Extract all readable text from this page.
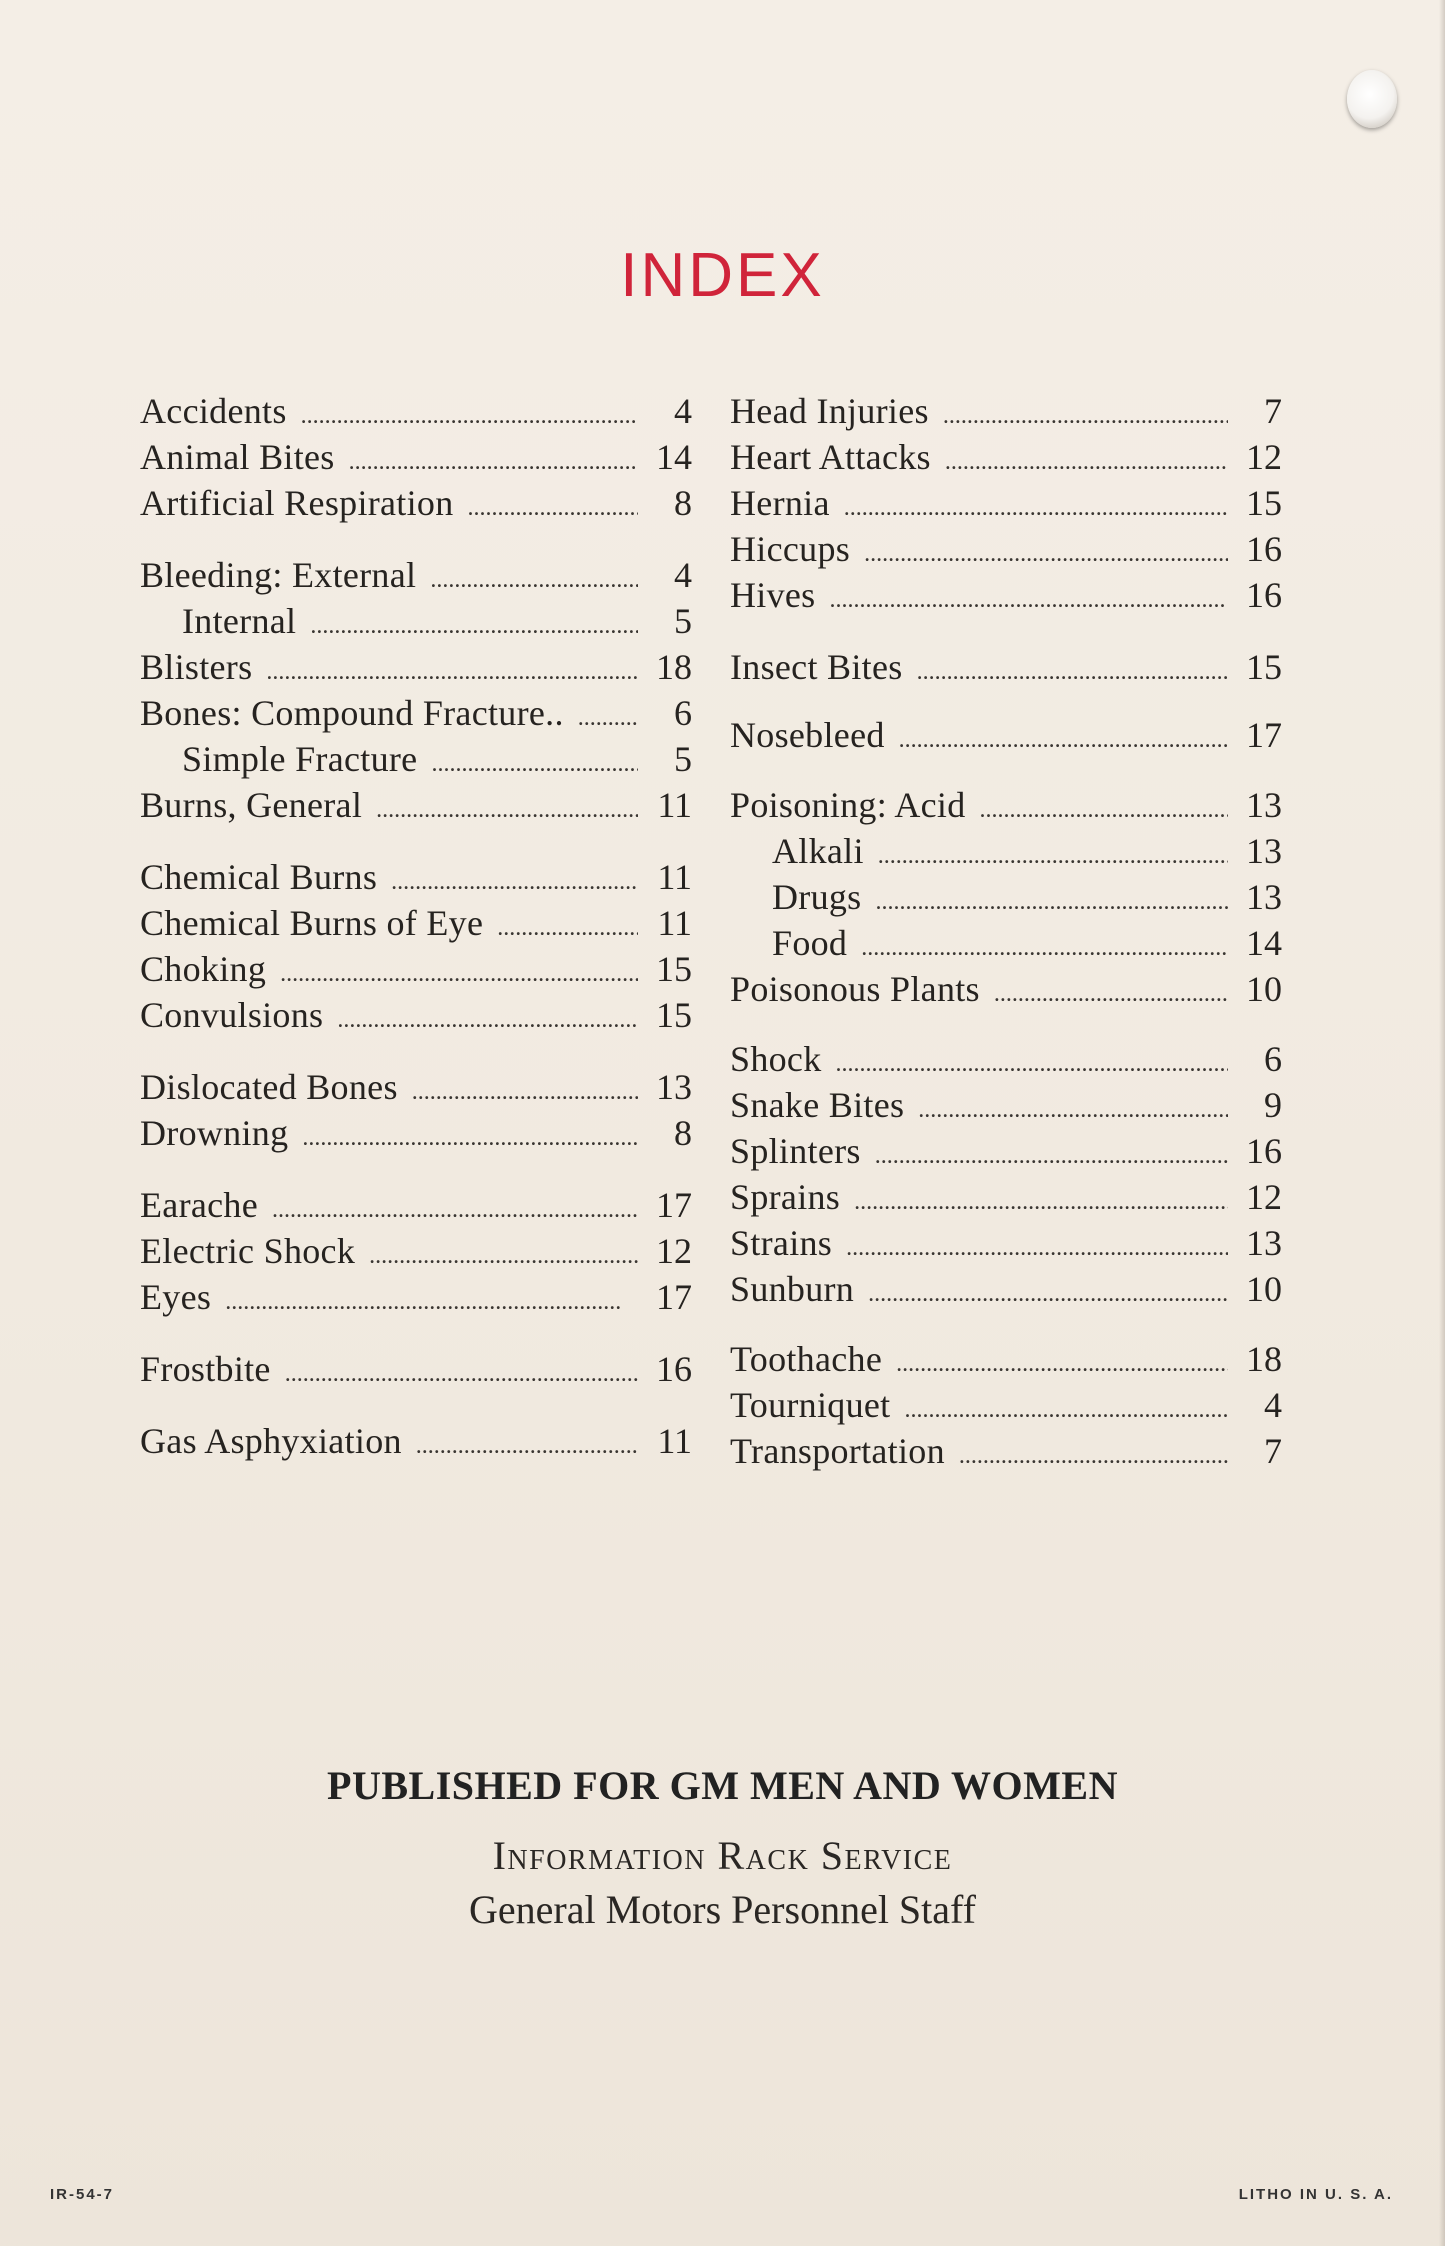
INDEX
Accidents . . .	4
Animal Bites . . .	14
Artificial Respiration . . .	8
Bleeding: External . . .	4
Internal . . .	5
Blisters . . .	18
Bones: Compound Fracture.. . . .	6
Simple Fracture . . .	5
Burns, General . . .	11
Chemical Burns . . .	11
Chemical Burns of Eye . . .	11
Choking . . .	15
Convulsions . . .	15
Dislocated Bones . . .	13
Drowning . . .	8
Earache . . .	17
Electric Shock . . .	12
Eyes . . .	17
Frostbite . . .	16
Gas Asphyxiation . . .	11
Head Injuries . . .	7
Heart Attacks . . .	12
Hernia . . .	15
Hiccups . . .	16
Hives . . .	16
Insect Bites . . .	15
Nosebleed . . .	17
Poisoning: Acid . . .	13
Alkali . . .	13
Drugs . . .	13
Food . . .	14
Poisonous Plants . . .	10
Shock . . .	6
Snake Bites . . .	9
Splinters . . .	16
Sprains . . .	12
Strains . . .	13
Sunburn . . .	10
Toothache . . .	18
Tourniquet . . .	4
Transportation . . .	7
PUBLISHED FOR GM MEN AND WOMEN
Information Rack Service
General Motors Personnel Staff
IR-54-7	LITHO IN U. S. A.
